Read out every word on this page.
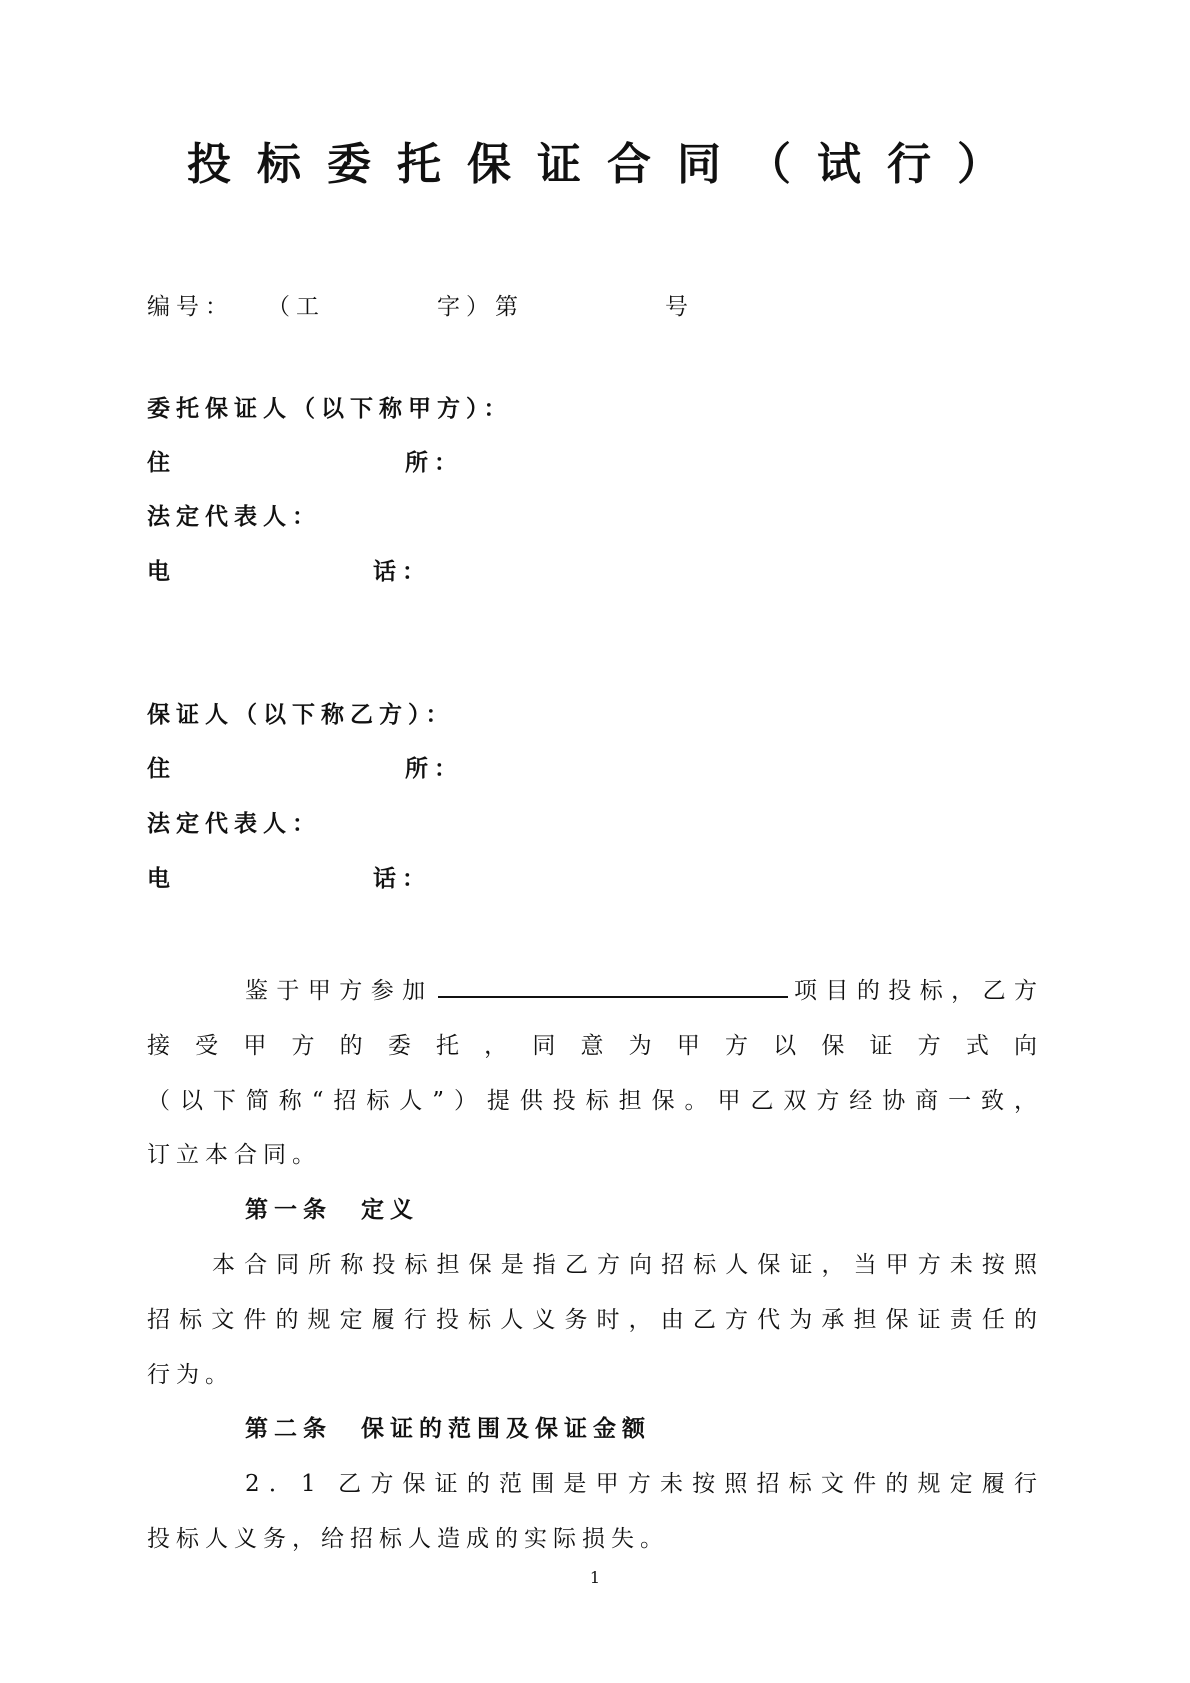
投标委托保证合同（试行）
编号： （工	字）第	号
委托保证人（以下称甲方）：
住	所：
法定代表人：
电	话：
保证人（以下称乙方）：
住	所：
法定代表人：
电	话：
鉴于甲方参加	项目的投标，乙方
接受甲方的委托，同意为甲方以保证方式向
（以下简称“招标人”）提供投标担保。甲乙双方经协商一致，
订立本合同。
第一条　定义
本合同所称投标担保是指乙方向招标人保证，当甲方未按照
招标文件的规定履行投标人义务时，由乙方代为承担保证责任的
行为。
第二条　保证的范围及保证金额
2．1 乙方保证的范围是甲方未按照招标文件的规定履行
投标人义务，给招标人造成的实际损失。
1
